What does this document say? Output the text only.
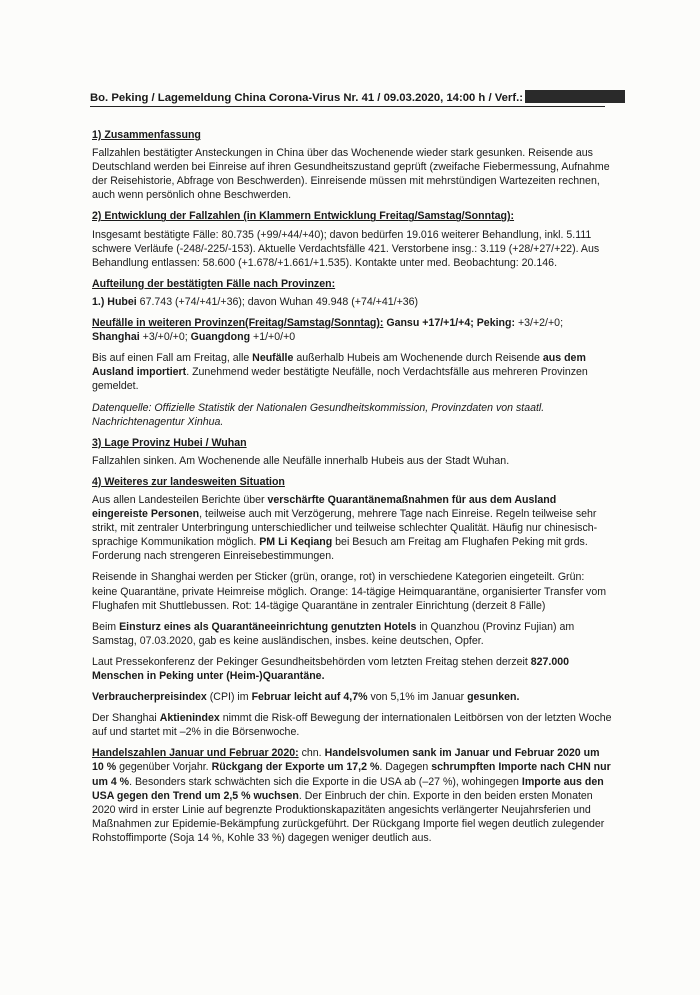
Bo. Peking / Lagemeldung China Corona-Virus Nr. 41 / 09.03.2020, 14:00 h / Verf.:
1) Zusammenfassung

Fallzahlen bestätigter Ansteckungen in China über das Wochenende wieder stark gesunken. Reisende aus Deutschland werden bei Einreise auf ihren Gesundheitszustand geprüft (zweifache Fiebermessung, Aufnahme der Reisehistorie, Abfrage von Beschwerden). Einreisende müssen mit mehrstündigen Wartezeiten rechnen, auch wenn persönlich ohne Beschwerden.

2) Entwicklung der Fallzahlen (in Klammern Entwicklung Freitag/Samstag/Sonntag):

Insgesamt bestätigte Fälle: 80.735 (+99/+44/+40); davon bedürfen 19.016 weiterer Behandlung, inkl. 5.111 schwere Verläufe (-248/-225/-153). Aktuelle Verdachtsfälle 421. Verstorbene insg.: 3.119 (+28/+27/+22). Aus Behandlung entlassen: 58.600 (+1.678/+1.661/+1.535). Kontakte unter med. Beobachtung: 20.146.

Aufteilung der bestätigten Fälle nach Provinzen:

1.) Hubei 67.743 (+74/+41/+36); davon Wuhan 49.948 (+74/+41/+36)

Neufälle in weiteren Provinzen(Freitag/Samstag/Sonntag): Gansu +17/+1/+4; Peking: +3/+2/+0; Shanghai +3/+0/+0; Guangdong +1/+0/+0

Bis auf einen Fall am Freitag, alle Neufälle außerhalb Hubeis am Wochenende durch Reisende aus dem Ausland importiert. Zunehmend weder bestätigte Neufälle, noch Verdachtsfälle aus mehreren Provinzen gemeldet.

Datenquelle: Offizielle Statistik der Nationalen Gesundheitskommission, Provinzdaten von staatl. Nachrichtenagentur Xinhua.

3) Lage Provinz Hubei / Wuhan

Fallzahlen sinken. Am Wochenende alle Neufälle innerhalb Hubeis aus der Stadt Wuhan.

4) Weiteres zur landesweiten Situation

Aus allen Landesteilen Berichte über verschärfte Quarantänemaßnahmen für aus dem Ausland eingereiste Personen, teilweise auch mit Verzögerung, mehrere Tage nach Einreise. Regeln teilweise sehr strikt, mit zentraler Unterbringung unterschiedlicher und teilweise schlechter Qualität. Häufig nur chinesisch-sprachige Kommunikation möglich. PM Li Keqiang bei Besuch am Freitag am Flughafen Peking mit grds. Forderung nach strengeren Einreisebestimmungen.

Reisende in Shanghai werden per Sticker (grün, orange, rot) in verschiedene Kategorien eingeteilt. Grün: keine Quarantäne, private Heimreise möglich. Orange: 14-tägige Heimquarantäne, organisierter Transfer vom Flughafen mit Shuttlebussen. Rot: 14-tägige Quarantäne in zentraler Einrichtung (derzeit 8 Fälle)

Beim Einsturz eines als Quarantäneeinrichtung genutzten Hotels in Quanzhou (Provinz Fujian) am Samstag, 07.03.2020, gab es keine ausländischen, insbes. keine deutschen, Opfer.

Laut Pressekonferenz der Pekinger Gesundheitsbehörden vom letzten Freitag stehen derzeit 827.000 Menschen in Peking unter (Heim-)Quarantäne.

Verbraucherpreisindex (CPI) im Februar leicht auf 4,7% von 5,1% im Januar gesunken.

Der Shanghai Aktienindex nimmt die Risk-off Bewegung der internationalen Leitbörsen von der letzten Woche auf und startet mit –2% in die Börsenwoche.

Handelszahlen Januar und Februar 2020: chn. Handelsvolumen sank im Januar und Februar 2020 um 10 % gegenüber Vorjahr. Rückgang der Exporte um 17,2 %. Dagegen schrumpften Importe nach CHN nur um 4 %. Besonders stark schwächten sich die Exporte in die USA ab (–27 %), wohingegen Importe aus den USA gegen den Trend um 2,5 % wuchsen. Der Einbruch der chin. Exporte in den beiden ersten Monaten 2020 wird in erster Linie auf begrenzte Produktionskapazitäten angesichts verlängerter Neujahrsferien und Maßnahmen zur Epidemie-Bekämpfung zurückgeführt. Der Rückgang Importe fiel wegen deutlich zulegender Rohstoffimporte (Soja 14 %, Kohle 33 %) dagegen weniger deutlich aus.
